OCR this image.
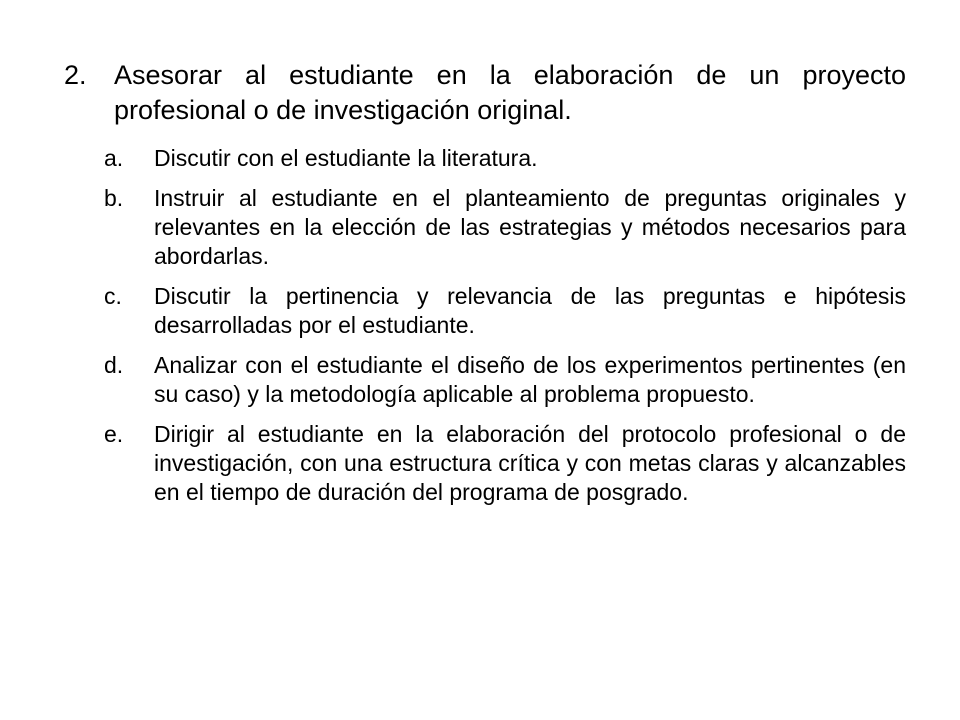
2.	Asesorar al estudiante en la elaboración de un proyecto profesional o de investigación original.
a.	Discutir con el estudiante la literatura.
b.	Instruir al estudiante en el planteamiento de preguntas originales y relevantes en la elección de las estrategias y métodos necesarios para abordarlas.
c.	Discutir la pertinencia y relevancia de las preguntas e hipótesis desarrolladas por el estudiante.
d.	Analizar con el estudiante el diseño de los experimentos pertinentes (en su caso) y la metodología aplicable al problema propuesto.
e.	Dirigir al estudiante en la elaboración del protocolo profesional o de investigación, con una estructura crítica y con metas claras y alcanzables en el tiempo de duración del programa de posgrado.
